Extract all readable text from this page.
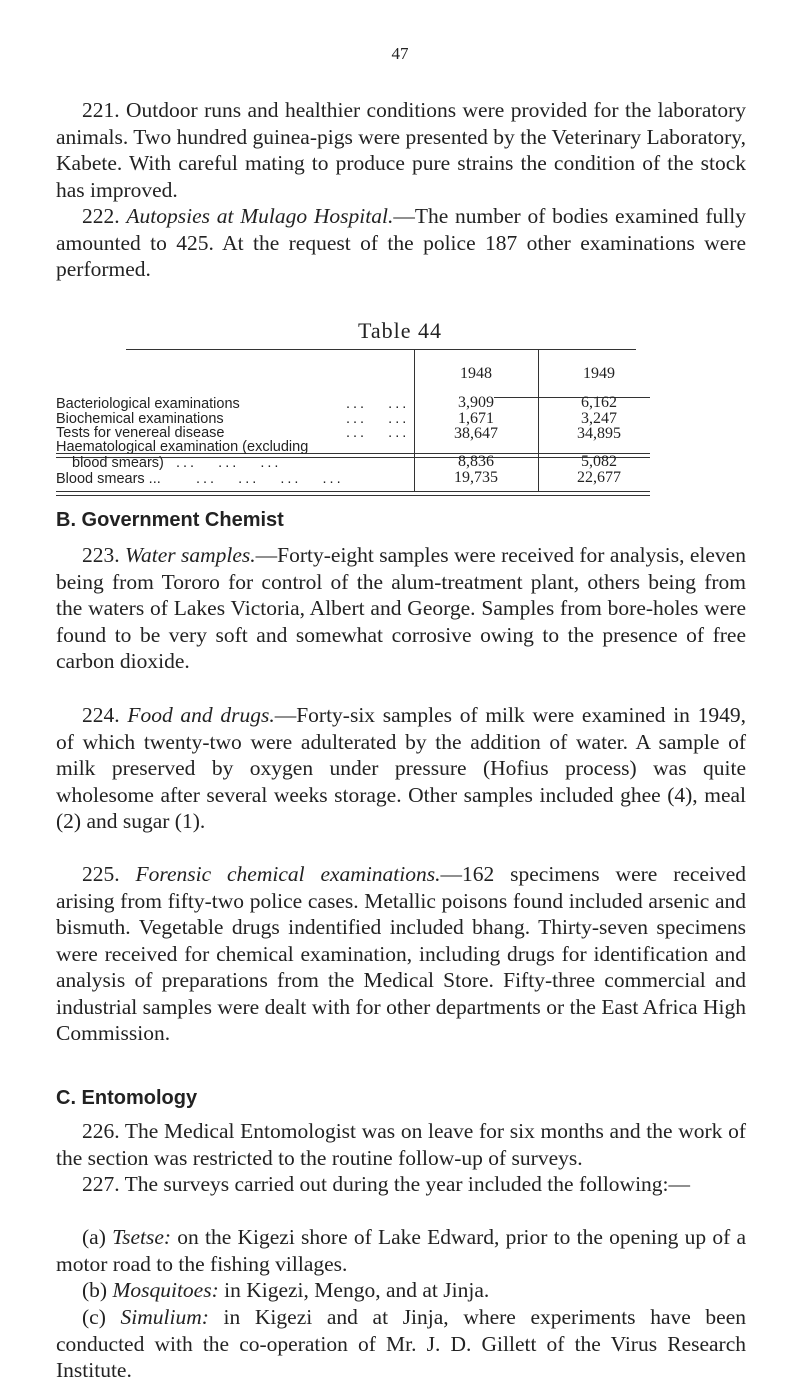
47
221. Outdoor runs and healthier conditions were provided for the laboratory animals. Two hundred guinea-pigs were presented by the Veterinary Laboratory, Kabete. With careful mating to produce pure strains the condition of the stock has improved.
222. Autopsies at Mulago Hospital.—The number of bodies examined fully amounted to 425. At the request of the police 187 other examinations were performed.
Table 44
1948	1949
Bacteriological examinations	...   ...	3,909	6,162
Biochemical examinations	...   ...	1,671	3,247
Tests for venereal disease	...   ...	38,647	34,895
Haematological examination (excluding
blood smears) ...   ...   ...	8,836	5,082
Blood smears ... ...   ...   ...   ...	19,735	22,677
B. Government Chemist
223. Water samples.—Forty-eight samples were received for analysis, eleven being from Tororo for control of the alum-treatment plant, others being from the waters of Lakes Victoria, Albert and George. Samples from bore-holes were found to be very soft and somewhat corrosive owing to the presence of free carbon dioxide.
224. Food and drugs.—Forty-six samples of milk were examined in 1949, of which twenty-two were adulterated by the addition of water. A sample of milk preserved by oxygen under pressure (Hofius process) was quite wholesome after several weeks storage. Other samples included ghee (4), meal (2) and sugar (1).
225. Forensic chemical examinations.—162 specimens were received arising from fifty-two police cases. Metallic poisons found included arsenic and bismuth. Vegetable drugs indentified included bhang. Thirty-seven specimens were received for chemical examination, including drugs for identification and analysis of preparations from the Medical Store. Fifty-three commercial and industrial samples were dealt with for other departments or the East Africa High Commission.
C. Entomology
226. The Medical Entomologist was on leave for six months and the work of the section was restricted to the routine follow-up of surveys.
227. The surveys carried out during the year included the following:—
(a) Tsetse: on the Kigezi shore of Lake Edward, prior to the opening up of a motor road to the fishing villages.
(b) Mosquitoes: in Kigezi, Mengo, and at Jinja.
(c) Simulium: in Kigezi and at Jinja, where experiments have been conducted with the co-operation of Mr. J. D. Gillett of the Virus Research Institute.
